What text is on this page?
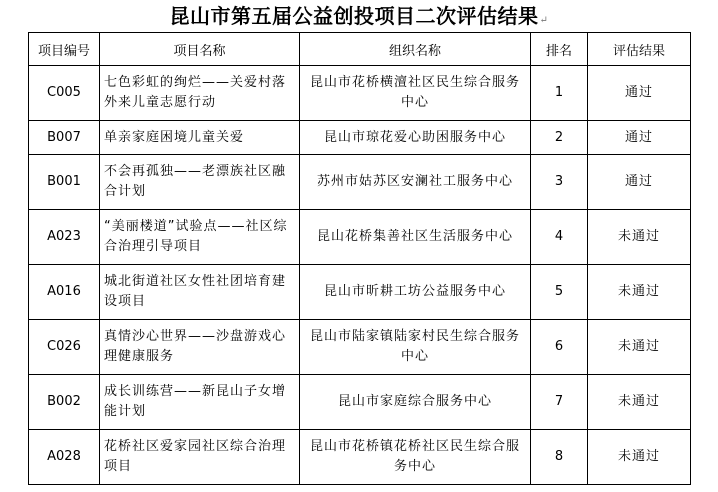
昆山市第五届公益创投项目二次评估结果↵
项目编号	项目名称	组织名称	排名	评估结果
C005	七色彩虹的绚烂——关爱村落外来儿童志愿行动	昆山市花桥横澶社区民生综合服务中心	1	通过
B007	单亲家庭困境儿童关爱	昆山市琼花爱心助困服务中心	2	通过
B001	不会再孤独——老漂族社区融合计划	苏州市姑苏区安澜社工服务中心	3	通过
A023	“美丽楼道”试验点——社区综合治理引导项目	昆山花桥集善社区生活服务中心	4	未通过
A016	城北街道社区女性社团培育建设项目	昆山市昕耕工坊公益服务中心	5	未通过
C026	真情沙心世界——沙盘游戏心理健康服务	昆山市陆家镇陆家村民生综合服务中心	6	未通过
B002	成长训练营——新昆山子女增能计划	昆山市家庭综合服务中心	7	未通过
A028	花桥社区爱家园社区综合治理项目	昆山市花桥镇花桥社区民生综合服务中心	8	未通过
